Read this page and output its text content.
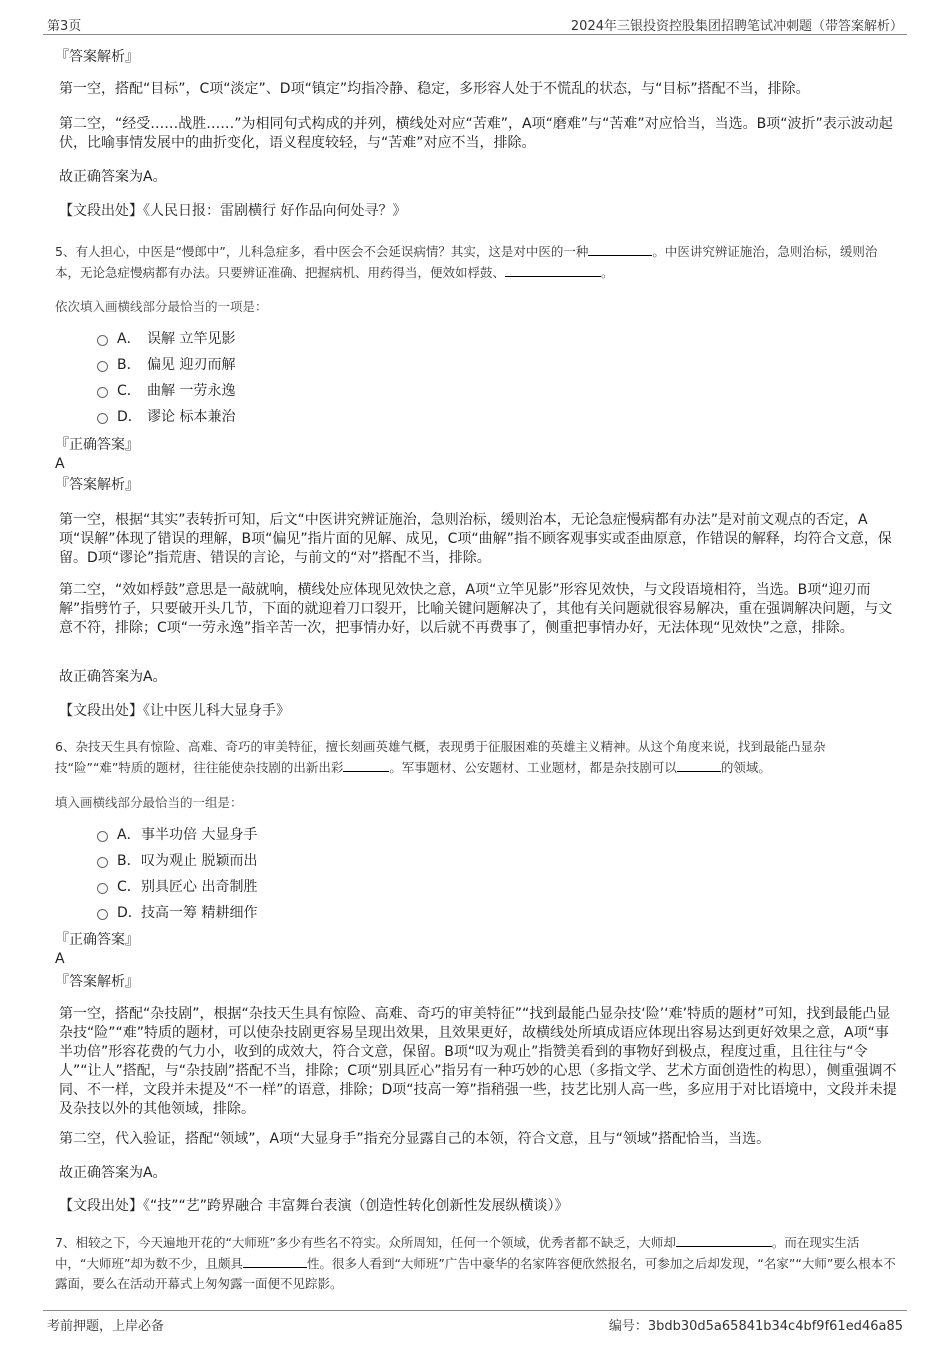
第3页	2024年三银投资控股集团招聘笔试冲刺题（带答案解析）
『答案解析』

第一空，搭配“目标”，C项“淡定”、D项“镇定”均指冷静、稳定，多形容人处于不慌乱的状态，与“目标”搭配不当，排除。

第二空，“经受……战胜……”为相同句式构成的并列，横线处对应“苦难”，A项“磨难”与“苦难”对应恰当，当选。B项“波折”表示波动起伏，比喻事情发展中的曲折变化，语义程度较轻，与“苦难”对应不当，排除。

故正确答案为A。

【文段出处】《人民日报：雷剧横行 好作品向何处寻？》

5、有人担心，中医是“慢郎中”，儿科急症多，看中医会不会延误病情？其实，这是对中医的一种	。中医讲究辨证施治，急则治标，缓则治本，无论急症慢病都有办法。只要辨证准确、把握病机、用药得当，便效如桴鼓、	。
依次填入画横线部分最恰当的一项是：
A． 误解 立竿见影
B． 偏见 迎刃而解
C． 曲解 一劳永逸
D． 谬论 标本兼治
『正确答案』
A
『答案解析』

第一空，根据“其实”表转折可知，后文“中医讲究辨证施治，急则治标，缓则治本，无论急症慢病都有办法”是对前文观点的否定，A项“误解”体现了错误的理解，B项“偏见”指片面的见解、成见，C项“曲解”指不顾客观事实或歪曲原意，作错误的解释，均符合文意，保留。D项“谬论”指荒唐、错误的言论，与前文的“对”搭配不当，排除。

第二空，“效如桴鼓”意思是一敲就响，横线处应体现见效快之意，A项“立竿见影”形容见效快，与文段语境相符，当选。B项“迎刃而解”指劈竹子，只要破开头几节，下面的就迎着刀口裂开，比喻关键问题解决了，其他有关问题就很容易解决，重在强调解决问题，与文意不符，排除；C项“一劳永逸”指辛苦一次，把事情办好，以后就不再费事了，侧重把事情办好，无法体现“见效快”之意，排除。

故正确答案为A。

【文段出处】《让中医儿科大显身手》

6、杂技天生具有惊险、高难、奇巧的审美特征，擅长刻画英雄气概，表现勇于征服困难的英雄主义精神。从这个角度来说，找到最能凸显杂技“险”“难”特质的题材，往往能使杂技剧的出新出彩	。军事题材、公安题材、工业题材，都是杂技剧可以	的领域。
填入画横线部分最恰当的一组是：
A．事半功倍 大显身手
B．叹为观止 脱颖而出
C．别具匠心 出奇制胜
D．技高一筹 精耕细作
『正确答案』
A
『答案解析』

第一空，搭配“杂技剧”，根据“杂技天生具有惊险、高难、奇巧的审美特征”“找到最能凸显杂技‘险’‘难’特质的题材”可知，找到最能凸显杂技“险”“难”特质的题材，可以使杂技剧更容易呈现出效果，且效果更好，故横线处所填成语应体现出容易达到更好效果之意，A项“事半功倍”形容花费的气力小，收到的成效大，符合文意，保留。B项“叹为观止”指赞美看到的事物好到极点，程度过重，且往往与“令人”“让人”搭配，与“杂技剧”搭配不当，排除；C项“别具匠心”指另有一种巧妙的心思（多指文学、艺术方面创造性的构思），侧重强调不同、不一样，文段并未提及“不一样”的语意，排除；D项“技高一筹”指稍强一些，技艺比别人高一些，多应用于对比语境中，文段并未提及杂技以外的其他领域，排除。

第二空，代入验证，搭配“领域”，A项“大显身手”指充分显露自己的本领，符合文意，且与“领域”搭配恰当，当选。

故正确答案为A。

【文段出处】《“技”“艺”跨界融合 丰富舞台表演（创造性转化创新性发展纵横谈）》

7、相较之下，今天遍地开花的“大师班”多少有些名不符实。众所周知，任何一个领域，优秀者都不缺乏，大师却	。而在现实生活中，“大师班”却为数不少，且颇具	性。很多人看到“大师班”广告中豪华的名家阵容便欣然报名，可参加之后却发现，“名家”“大师”要么根本不露面，要么在活动开幕式上匆匆露一面便不见踪影。
考前押题，上岸必备	编号：3bdb30d5a65841b34c4bf9f61ed46a85
